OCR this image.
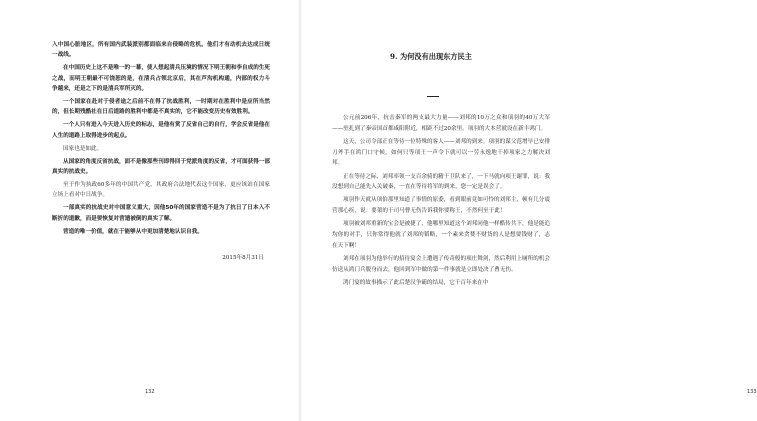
入中国心脏地区，所有国内武装派别都面临来自侵略的危机。他们才有动机去达成日统一战线。

在中国历史上这不是唯一的一幕，使人想起清兵压境的情况下明王朝和李自成的生死之战，而明王朝最不可饶恕的是，在清兵占领北京后，其在芦沟机构通，内部的权力斗争越来，还是之下的是清兵军所灭的。

一个国家在赴对于侵者途之后前不在得了抗战胜利，一时期对在胜利中是应所当然的，但长期残酷社在日后道路的胜利中都是不真实的，它不能改变历史有效胜利。

一个人只有进入今天进入历史的标志，是他有赏了反省自己的自行，学会反省是他在人生的道路上取得进步的起点。

国家也是如此。

从国家的角度反省抗战，面不是像那些刊即得回于党派角度的反省，才可面获得一部真实的抗战史。

至于作为执政60多年的中国共产党，其政府合法地代表这个国家，更应该站在国家立场上看对中日战争。

一部真实的抗战史对中国意义重大，因他50年的国家营造不是为了抗日了日本入不断折的道歉，而是要恢复对营遗被倒的真实了解。

营造的唯一价值，就在于能够从中更加清楚地认识自我。

2015年8月31日

132	133
9. 为何没有出现东方民主

公元前206年，抗击秦军的两支最大力量——刘邦的10万之众和项羽的40万大军——驻扎到了秦帝国首都咸阳附近，相距不过20余里。项羽的大本营就设在新丰鸿门。

这天，公司令部正在等待一位特殊的客人——刘邦的到来。项羽的谋父范增早已安排刀斧手在鸿门口守候，如何只等项王一声令下就可以一劳永逸地干掉项家之力解决刘邦。

正在等待之际，刘邦率领一支百余骑的精干卫队来了，一下马就向项王谢罪，说：我没想到自己能先入关破秦，一直在等待将军的到来，您一定是误会了。

项羽作天就从项伯那里知道了事情的原委，看到眼前竟如可怜的刘邦主，顿有几分震营那心疾，说：要架的于司马曹无伤告诉我你要称王，不然何至于此！

项羽被刘邦重新的宝会是被捷了，他哪里知道这个刘邦同他一样酷传共下，他是能追均你的对手，只你常得他就了刘邦的韬略，一个素来贪婪不财货的人是想要钱财了，志在天下啊！

刘邦在项羽为他举行的招待宴会上遭遇了传奇般的项庄舞剑，然后利用上厕所的机会仿送从鸿门兵脱身而去，他回到军中做的第一件事就是立即处决了曹无伤。

鸿门宴的故事描示了此后楚汉争霸的结局，它千百年来在中
